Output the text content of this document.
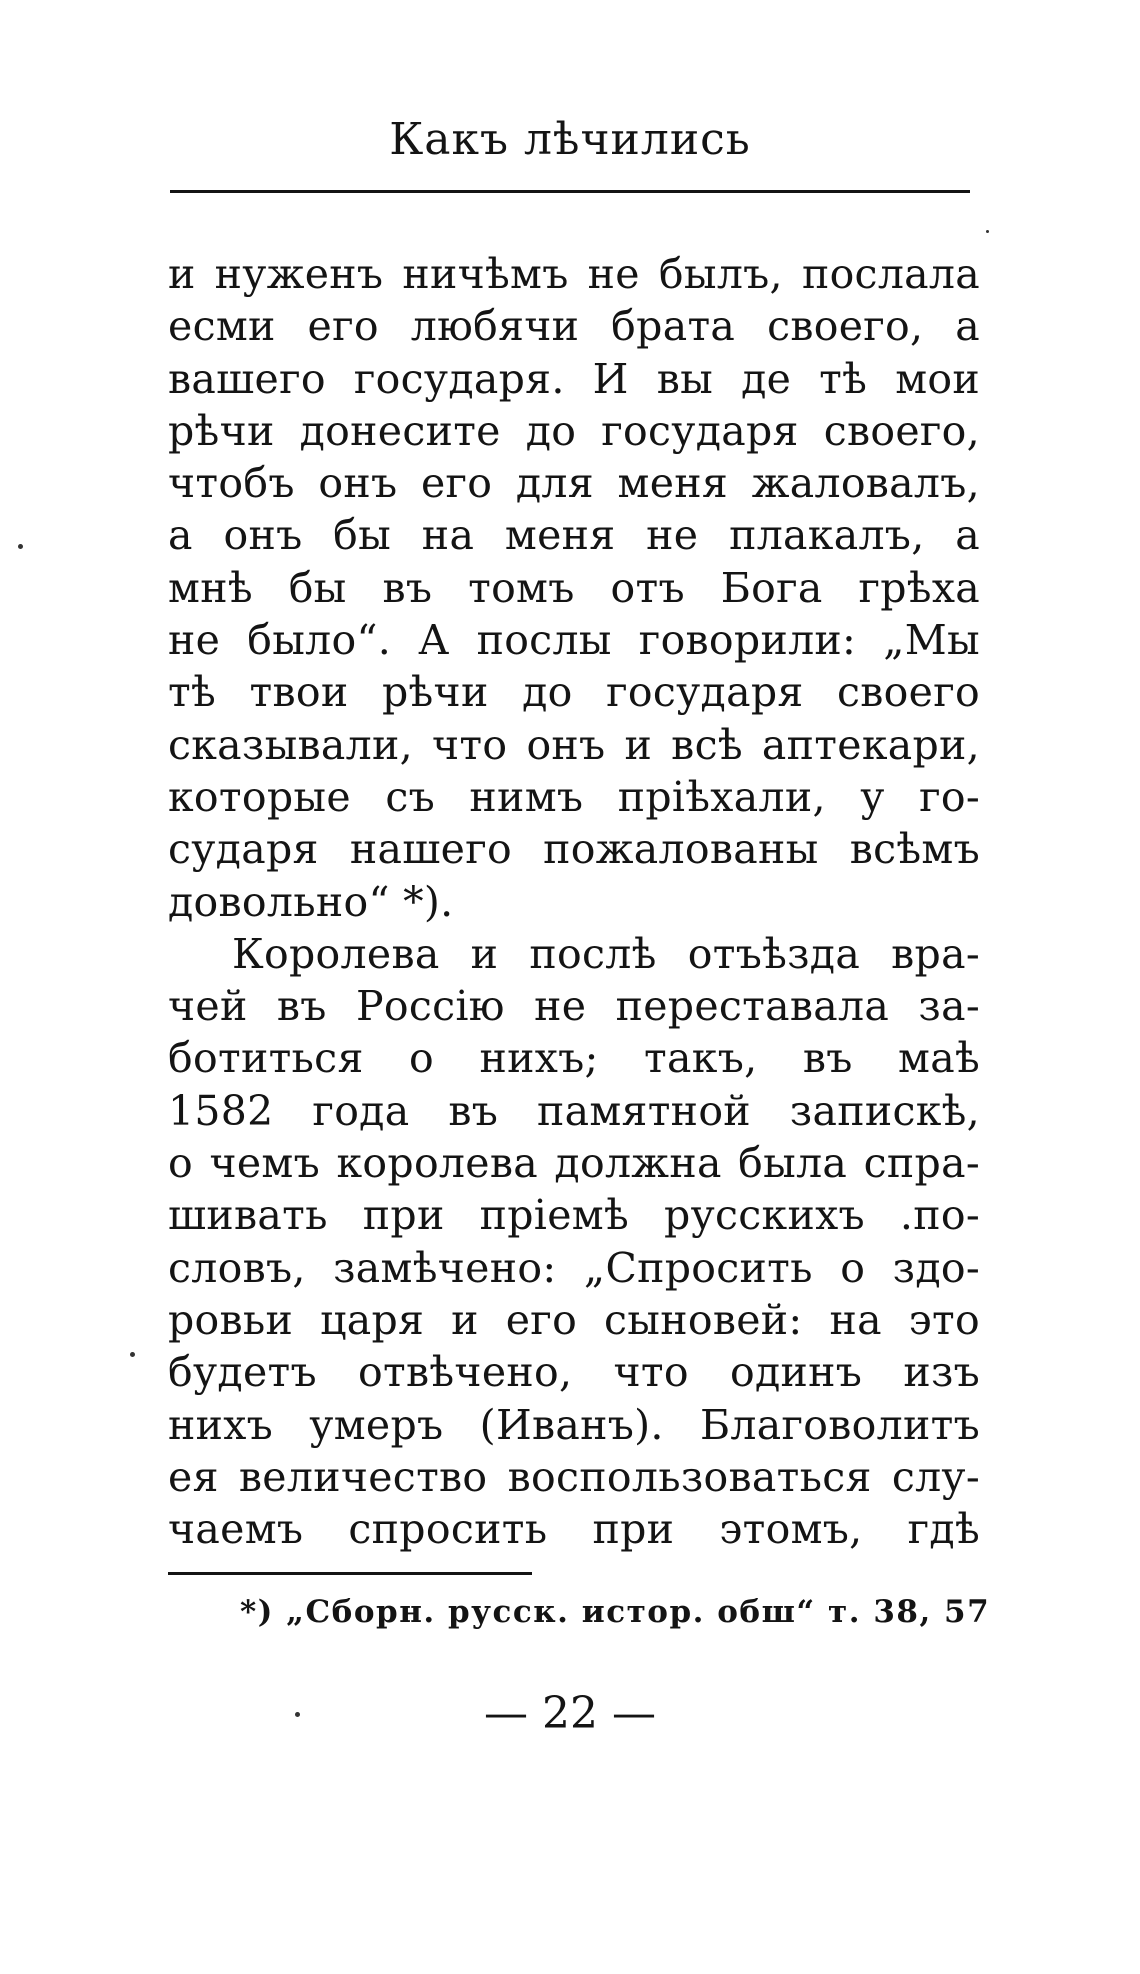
Какъ лѣчились
и нуженъ ничѣмъ не былъ, послала
есми его любячи брата своего, а
вашего государя. И вы де тѣ мои
рѣчи донесите до государя своего,
чтобъ онъ его для меня жаловалъ,
а онъ бы на меня не плакалъ, а
мнѣ бы въ томъ отъ Бога грѣха
не было“. А послы говорили: „Мы
тѣ твои рѣчи до государя своего
сказывали, что онъ и всѣ аптекари,
которые съ нимъ пріѣхали, у го-
сударя нашего пожалованы всѣмъ
довольно“ *).
Королева и послѣ отъѣзда вра-
чей въ Россію не переставала за-
ботиться о нихъ; такъ, въ маѣ
1582 года въ памятной запискѣ,
о чемъ королева должна была спра-
шивать при пріемѣ русскихъ .по-
словъ, замѣчено: „Спросить о здо-
ровьи царя и его сыновей: на это
будетъ отвѣчено, что одинъ изъ
нихъ умеръ (Иванъ). Благоволитъ
ея величество воспользоваться слу-
чаемъ спросить при этомъ, гдѣ
*) „Сборн. русск. истор. обш“ т. 38, 57
— 22 —
